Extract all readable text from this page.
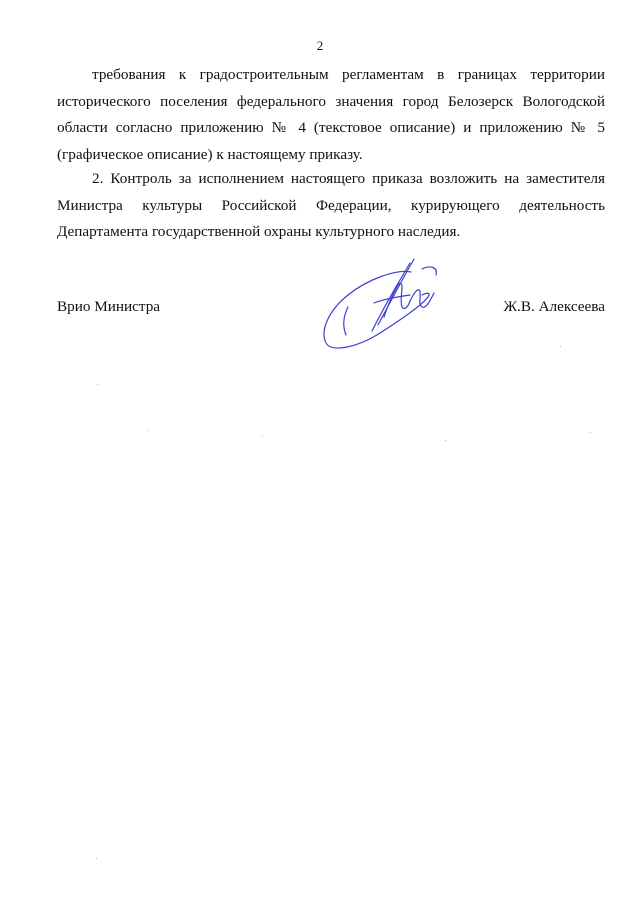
2

требования к градостроительным регламентам в границах территории исторического поселения федерального значения город Белозерск Вологодской области согласно приложению № 4 (текстовое описание) и приложению № 5 (графическое описание) к настоящему приказу.

2. Контроль за исполнением настоящего приказа возложить на заместителя Министра культуры Российской Федерации, курирующего деятельность Департамента государственной охраны культурного наследия.

Врио Министра	Ж.В. Алексеева
